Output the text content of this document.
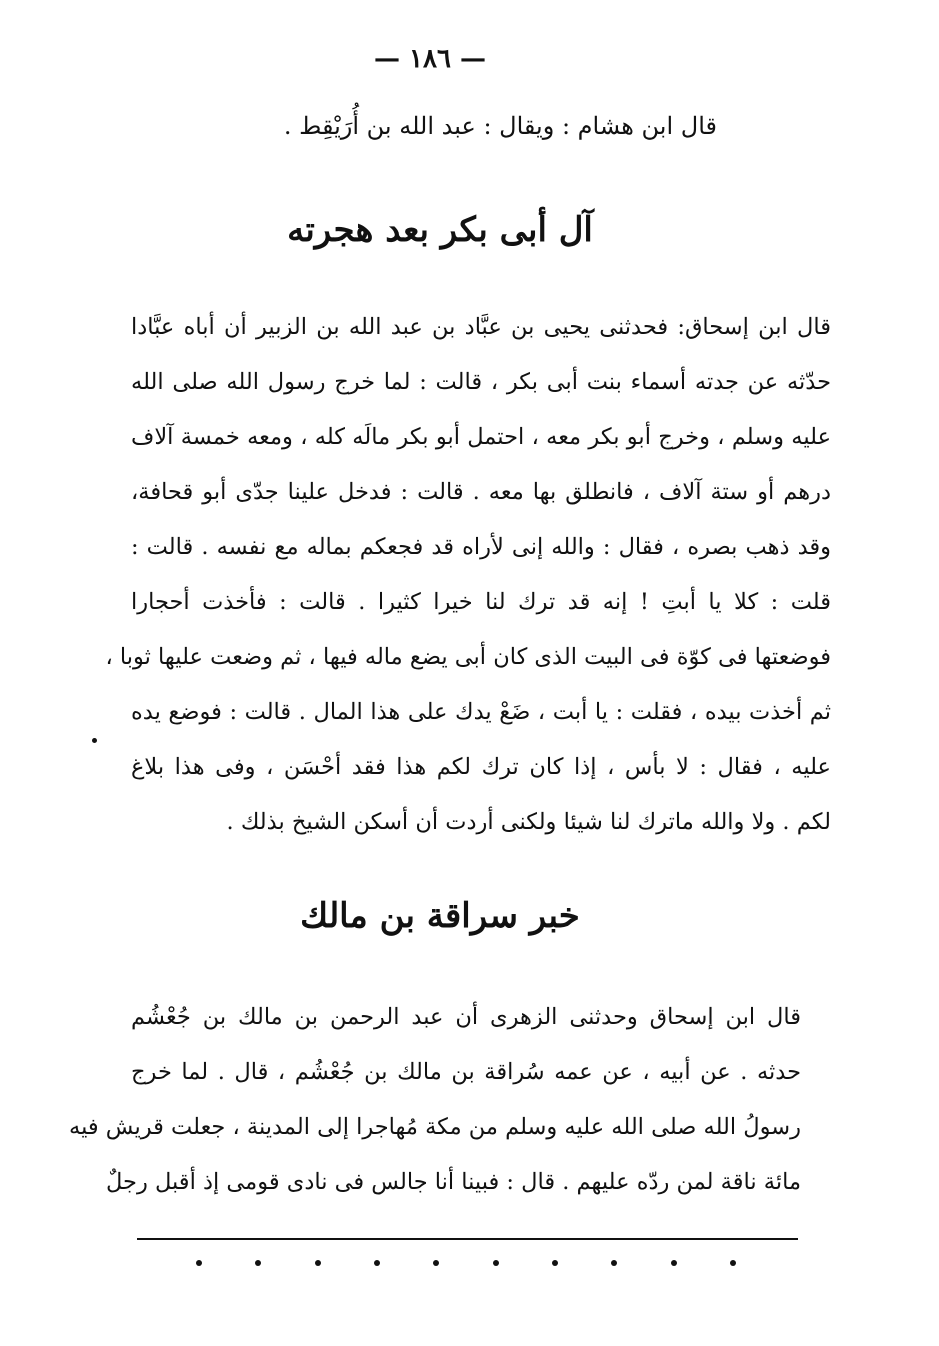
— ١٨٦ —
قال ابن هشام : ويقال : عبد الله بن أُرَيْقِط .
آل أبى بكر بعد هجرته
قال ابن إسحاق: فحدثنى يحيى بن عبَّاد بن عبد الله بن الزبير أن أباه عبَّادا
حدّثه عن جدته أسماء بنت أبى بكر ، قالت : لما خرج رسول الله صلى الله
عليه وسلم ، وخرج أبو بكر معه ، احتمل أبو بكر مالَه كله ، ومعه خمسة آلاف
درهم أو ستة آلاف ، فانطلق بها معه . قالت : فدخل علينا جدّى أبو قحافة،
وقد ذهب بصره ، فقال : والله إنى لأراه قد فجعكم بماله مع نفسه . قالت :
قلت : كلا يا أبتِ ! إنه قد ترك لنا خيرا كثيرا . قالت : فأخذت أحجارا
فوضعتها فى كوّة فى البيت الذى كان أبى يضع ماله فيها ، ثم وضعت عليها ثوبا ،
ثم أخذت بيده ، فقلت : يا أبت ، ضَعْ يدك على هذا المال . قالت : فوضع يده
عليه ، فقال : لا بأس ، إذا كان ترك لكم هذا فقد أحْسَن ، وفى هذا بلاغ
لكم . ولا والله ماترك لنا شيئا ولكنى أردت أن أسكن الشيخ بذلك .
خبر سراقة بن مالك
قال ابن إسحاق وحدثنى الزهرى أن عبد الرحمن بن مالك بن جُعْشُم
حدثه . عن أبيه ، عن عمه سُراقة بن مالك بن جُعْشُم ، قال . لما خرج
رسولُ الله صلى الله عليه وسلم من مكة مُهاجرا إلى المدينة ، جعلت قريش فيه
مائة ناقة لمن ردّه عليهم . قال : فبينا أنا جالس فى نادى قومى إذ أقبل رجلٌ
